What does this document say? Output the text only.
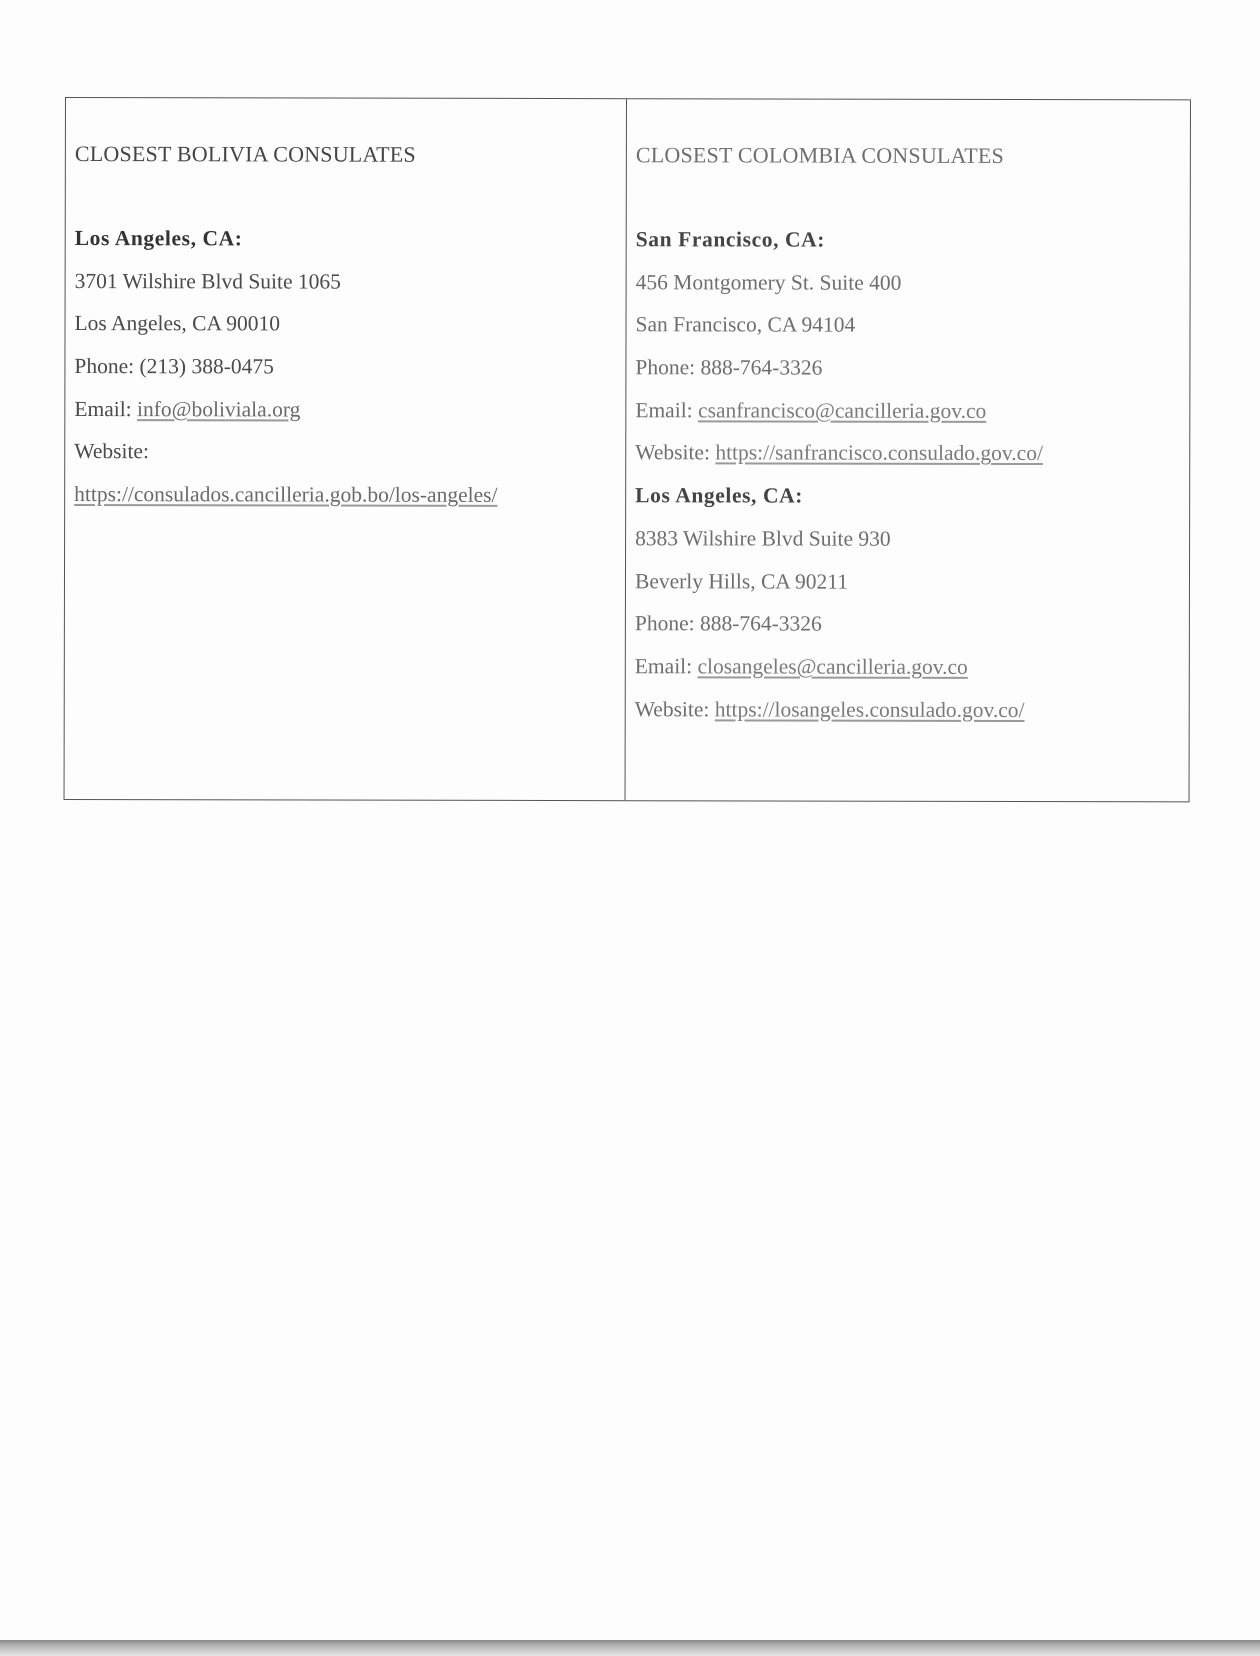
CLOSEST BOLIVIA CONSULATES
Los Angeles, CA:
3701 Wilshire Blvd Suite 1065
Los Angeles, CA 90010
Phone: (213) 388-0475
Email: info@boliviala.org
Website:
https://consulados.cancilleria.gob.bo/los-angeles/
CLOSEST COLOMBIA CONSULATES
San Francisco, CA:
456 Montgomery St. Suite 400
San Francisco, CA 94104
Phone: 888-764-3326
Email: csanfrancisco@cancilleria.gov.co
Website: https://sanfrancisco.consulado.gov.co/
Los Angeles, CA:
8383 Wilshire Blvd Suite 930
Beverly Hills, CA 90211
Phone: 888-764-3326
Email: closangeles@cancilleria.gov.co
Website: https://losangeles.consulado.gov.co/
